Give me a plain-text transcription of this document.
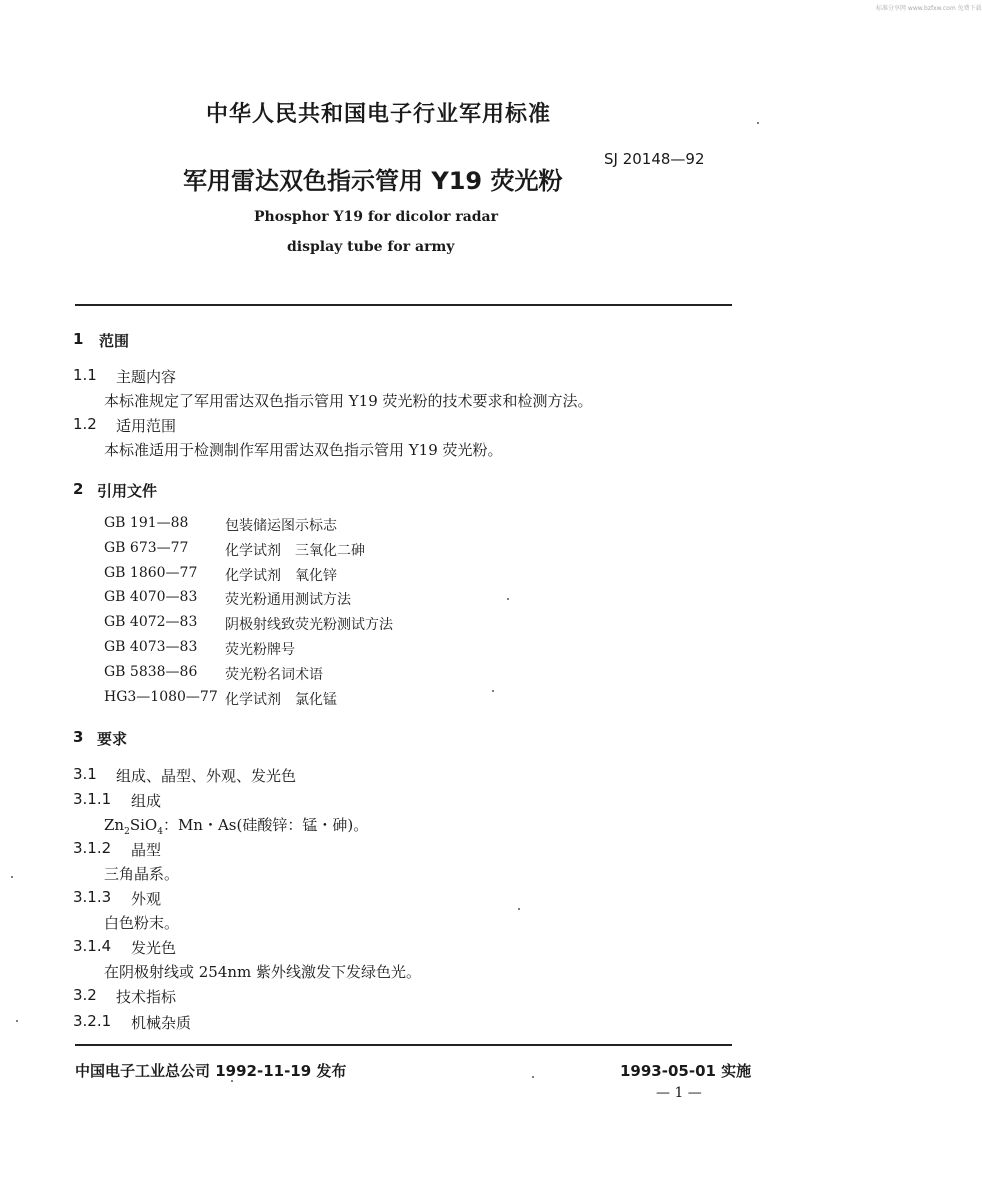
标准分享网 www.bzfxw.com 免费下载
中华人民共和国电子行业军用标准
SJ 20148—92
军用雷达双色指示管用 Y19 荧光粉
Phosphor Y19 for dicolor radar
display tube for army
1 范围
1.1 主题内容
本标准规定了军用雷达双色指示管用 Y19 荧光粉的技术要求和检测方法。
1.2 适用范围
本标准适用于检测制作军用雷达双色指示管用 Y19 荧光粉。
2 引用文件
GB 191—88	包装储运图示标志
GB 673—77	化学试剂　三氧化二砷
GB 1860—77 化学试剂　氧化锌
GB 4070—83 荧光粉通用测试方法
GB 4072—83 阴极射线致荧光粉测试方法
GB 4073—83 荧光粉牌号
GB 5838—86 荧光粉名词术语
HG3—1080—77 化学试剂　氯化锰
3 要求
3.1 组成、晶型、外观、发光色
3.1.1 组成
$Zn_2SiO_4$：Mn・As(硅酸锌：锰・砷)。
3.1.2 晶型
三角晶系。
3.1.3 外观
白色粉末。
3.1.4 发光色
在阴极射线或 254nm 紫外线激发下发绿色光。
3.2 技术指标
3.2.1 机械杂质
中国电子工业总公司 1992-11-19 发布	1993-05-01 实施
— 1 —
